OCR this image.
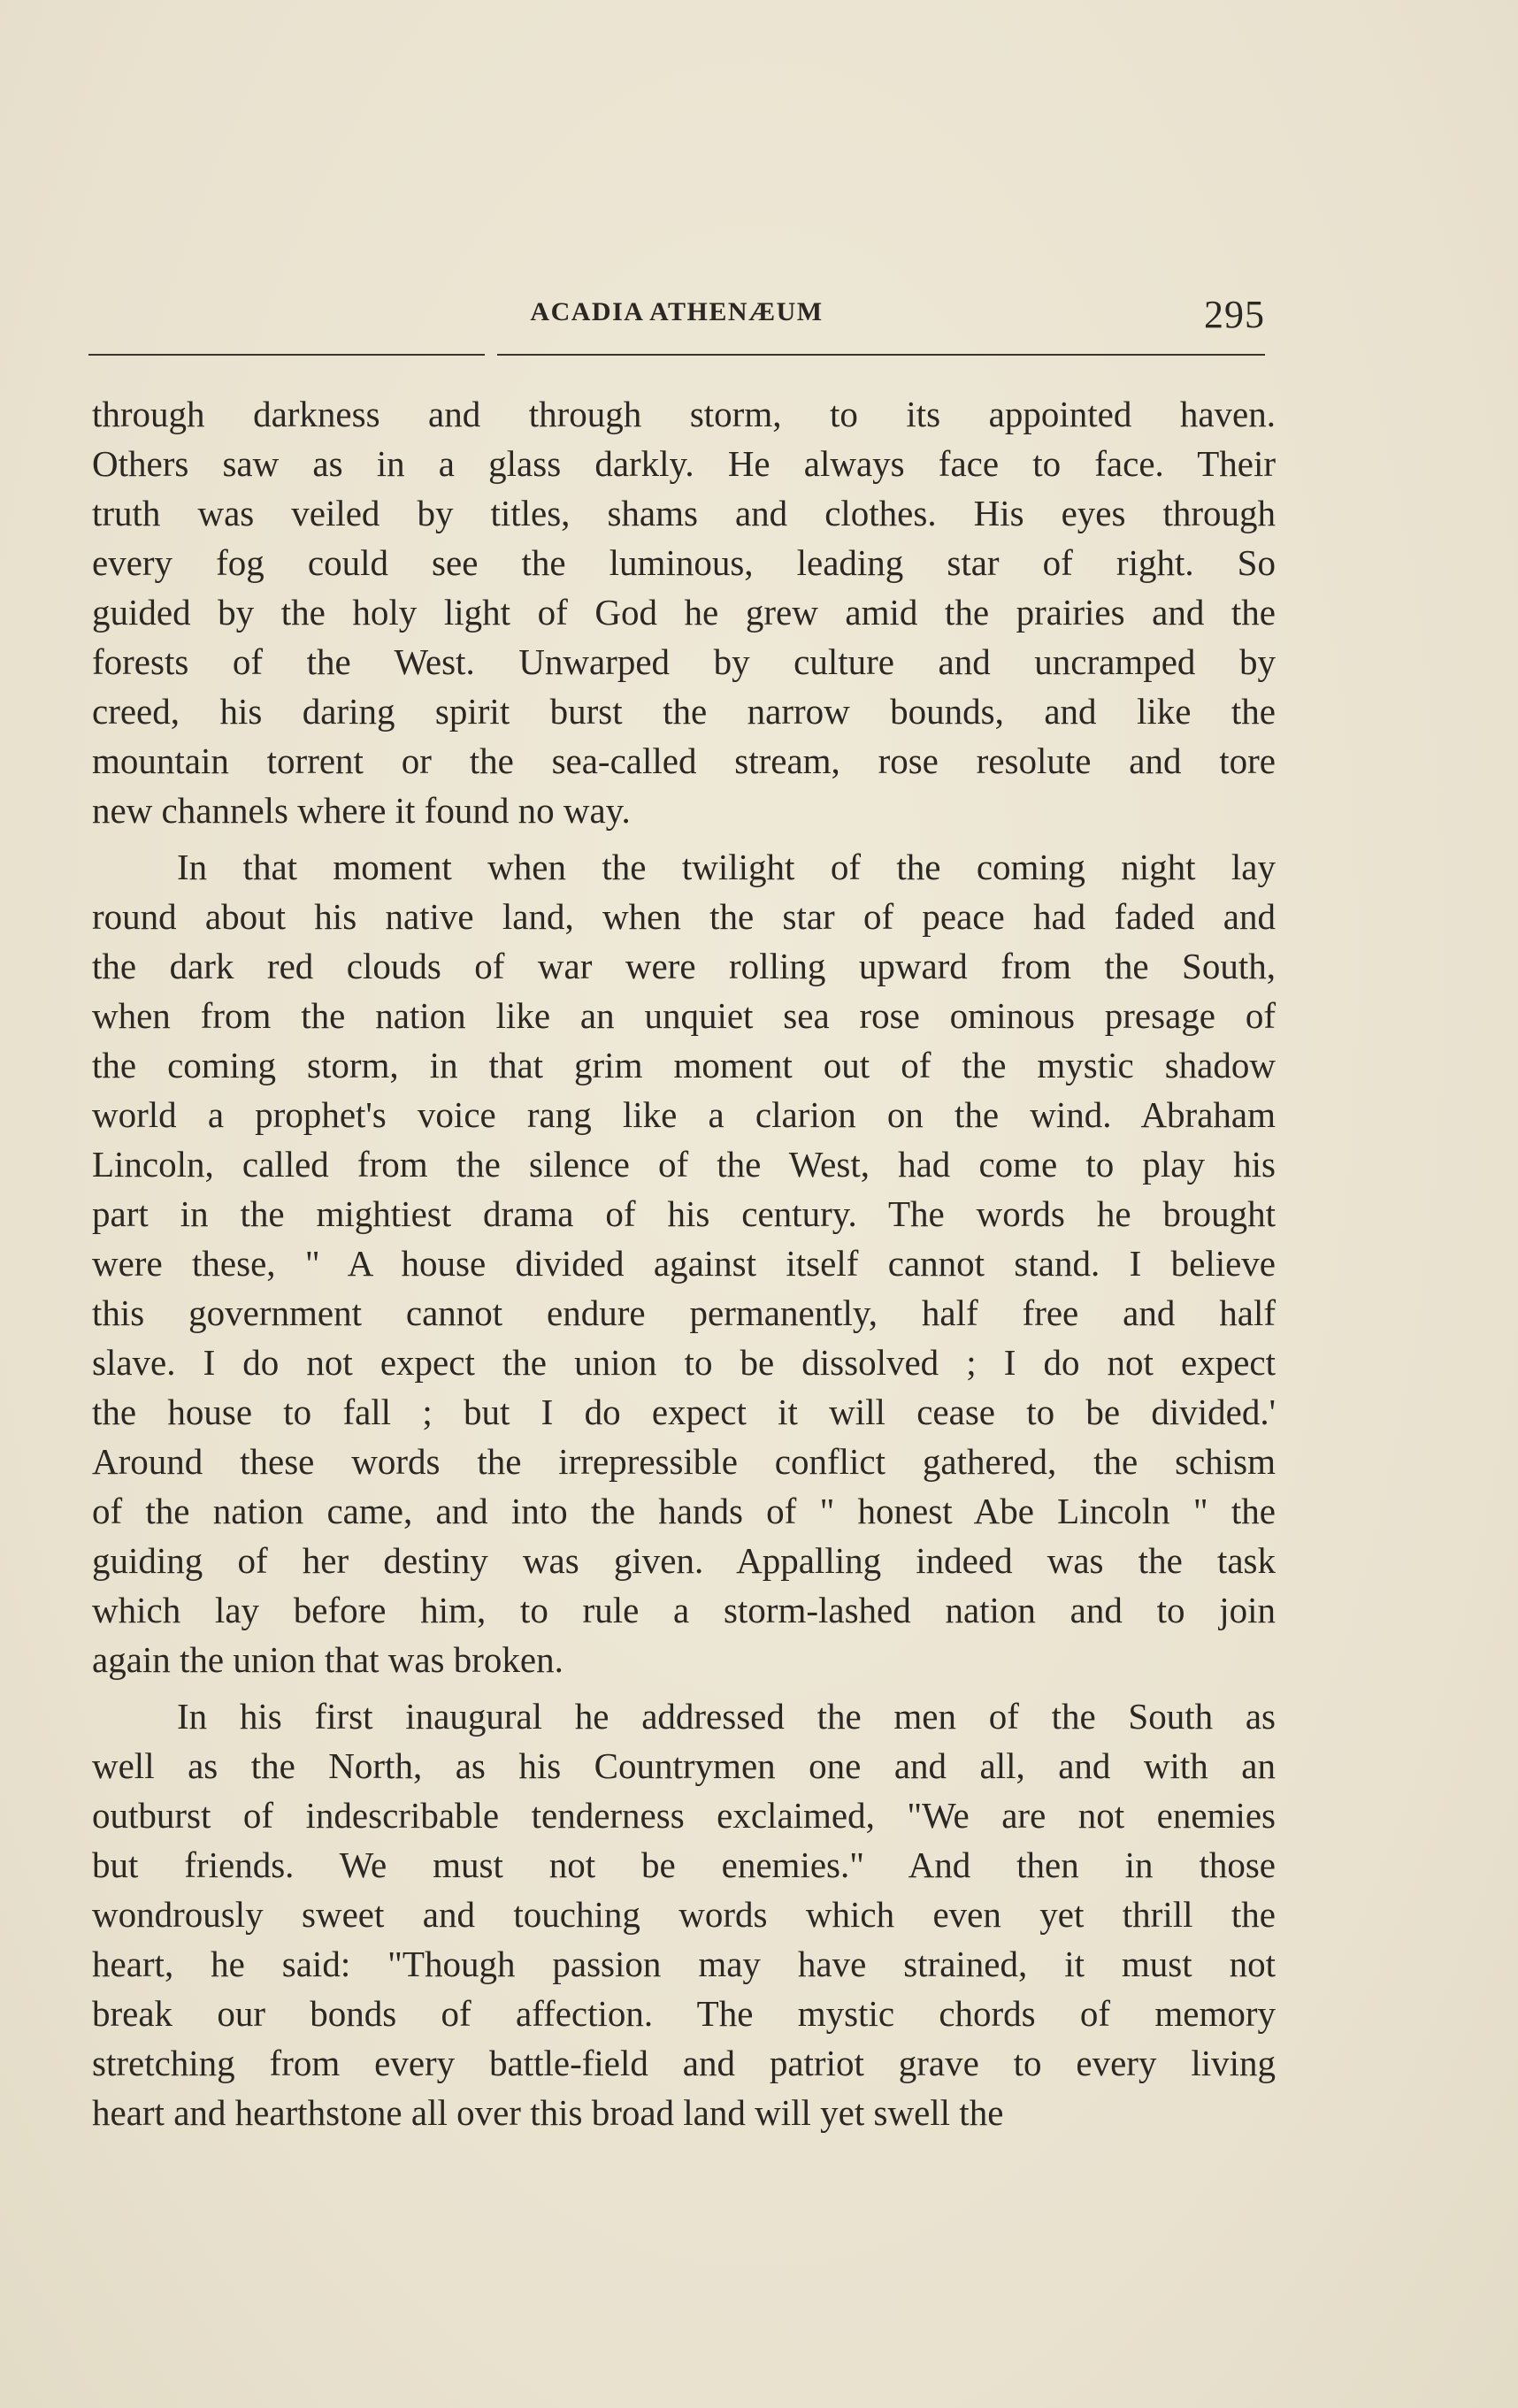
ACADIA ATHENÆUM	295
through darkness and through storm, to its appointed haven.
Others saw as in a glass darkly. He always face to face. Their
truth was veiled by titles, shams and clothes. His eyes through
every fog could see the luminous, leading star of right. So
guided by the holy light of God he grew amid the prairies and the
forests of the West. Unwarped by culture and uncramped by
creed, his daring spirit burst the narrow bounds, and like the
mountain torrent or the sea-called stream, rose resolute and tore
new channels where it found no way.
In that moment when the twilight of the coming night lay
round about his native land, when the star of peace had faded and
the dark red clouds of war were rolling upward from the South,
when from the nation like an unquiet sea rose ominous presage of
the coming storm, in that grim moment out of the mystic shadow
world a prophet's voice rang like a clarion on the wind. Abraham
Lincoln, called from the silence of the West, had come to play his
part in the mightiest drama of his century. The words he brought
were these, " A house divided against itself cannot stand. I believe
this government cannot endure permanently, half free and half
slave. I do not expect the union to be dissolved ; I do not expect
the house to fall ; but I do expect it will cease to be divided.'
Around these words the irrepressible conflict gathered, the schism
of the nation came, and into the hands of " honest Abe Lincoln " the
guiding of her destiny was given. Appalling indeed was the task
which lay before him, to rule a storm-lashed nation and to join
again the union that was broken.
In his first inaugural he addressed the men of the South as
well as the North, as his Countrymen one and all, and with an
outburst of indescribable tenderness exclaimed, "We are not enemies
but friends. We must not be enemies." And then in those
wondrously sweet and touching words which even yet thrill the
heart, he said: "Though passion may have strained, it must not
break our bonds of affection. The mystic chords of memory
stretching from every battle-field and patriot grave to every living
heart and hearthstone all over this broad land will yet swell the
